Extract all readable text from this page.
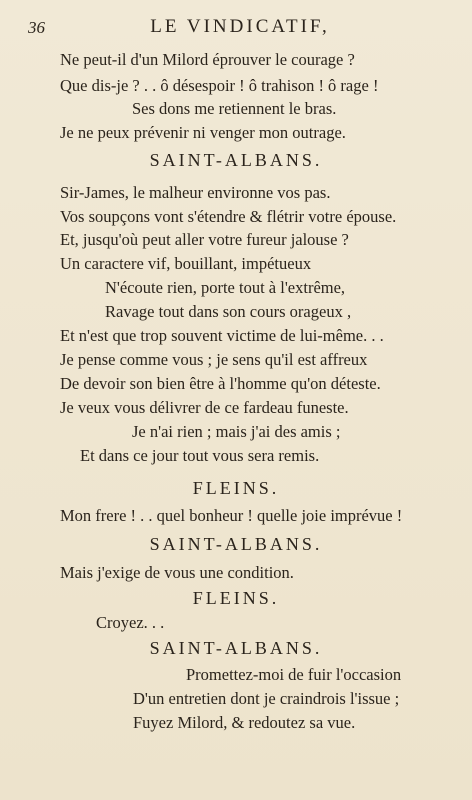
36	LE VINDICATIF,
Ne peut-il d'un Milord éprouver le courage ?
Que dis-je ? . . ô désespoir ! ô trahison ! ô rage !
Ses dons me retiennent le bras.
Je ne peux prévenir ni venger mon outrage.
SAINT-ALBANS.
Sir-James, le malheur environne vos pas.
Vos soupçons vont s'étendre & flétrir votre épouse.
Et, jusqu'où peut aller votre fureur jalouse ?
Un caractere vif, bouillant, impétueux
N'écoute rien, porte tout à l'extrême,
Ravage tout dans son cours orageux ,
Et n'est que trop souvent victime de lui-même. . .
Je pense comme vous ; je sens qu'il est affreux
De devoir son bien être à l'homme qu'on déteste.
Je veux vous délivrer de ce fardeau funeste.
Je n'ai rien ; mais j'ai des amis ;
Et dans ce jour tout vous sera remis.
FLEINS.
Mon frere ! . . quel bonheur ! quelle joie imprévue !
SAINT-ALBANS.
Mais j'exige de vous une condition.
FLEINS.
Croyez. . .
SAINT-ALBANS.
Promettez-moi de fuir l'occasion
D'un entretien dont je craindrois l'issue ;
Fuyez Milord, & redoutez sa vue.
